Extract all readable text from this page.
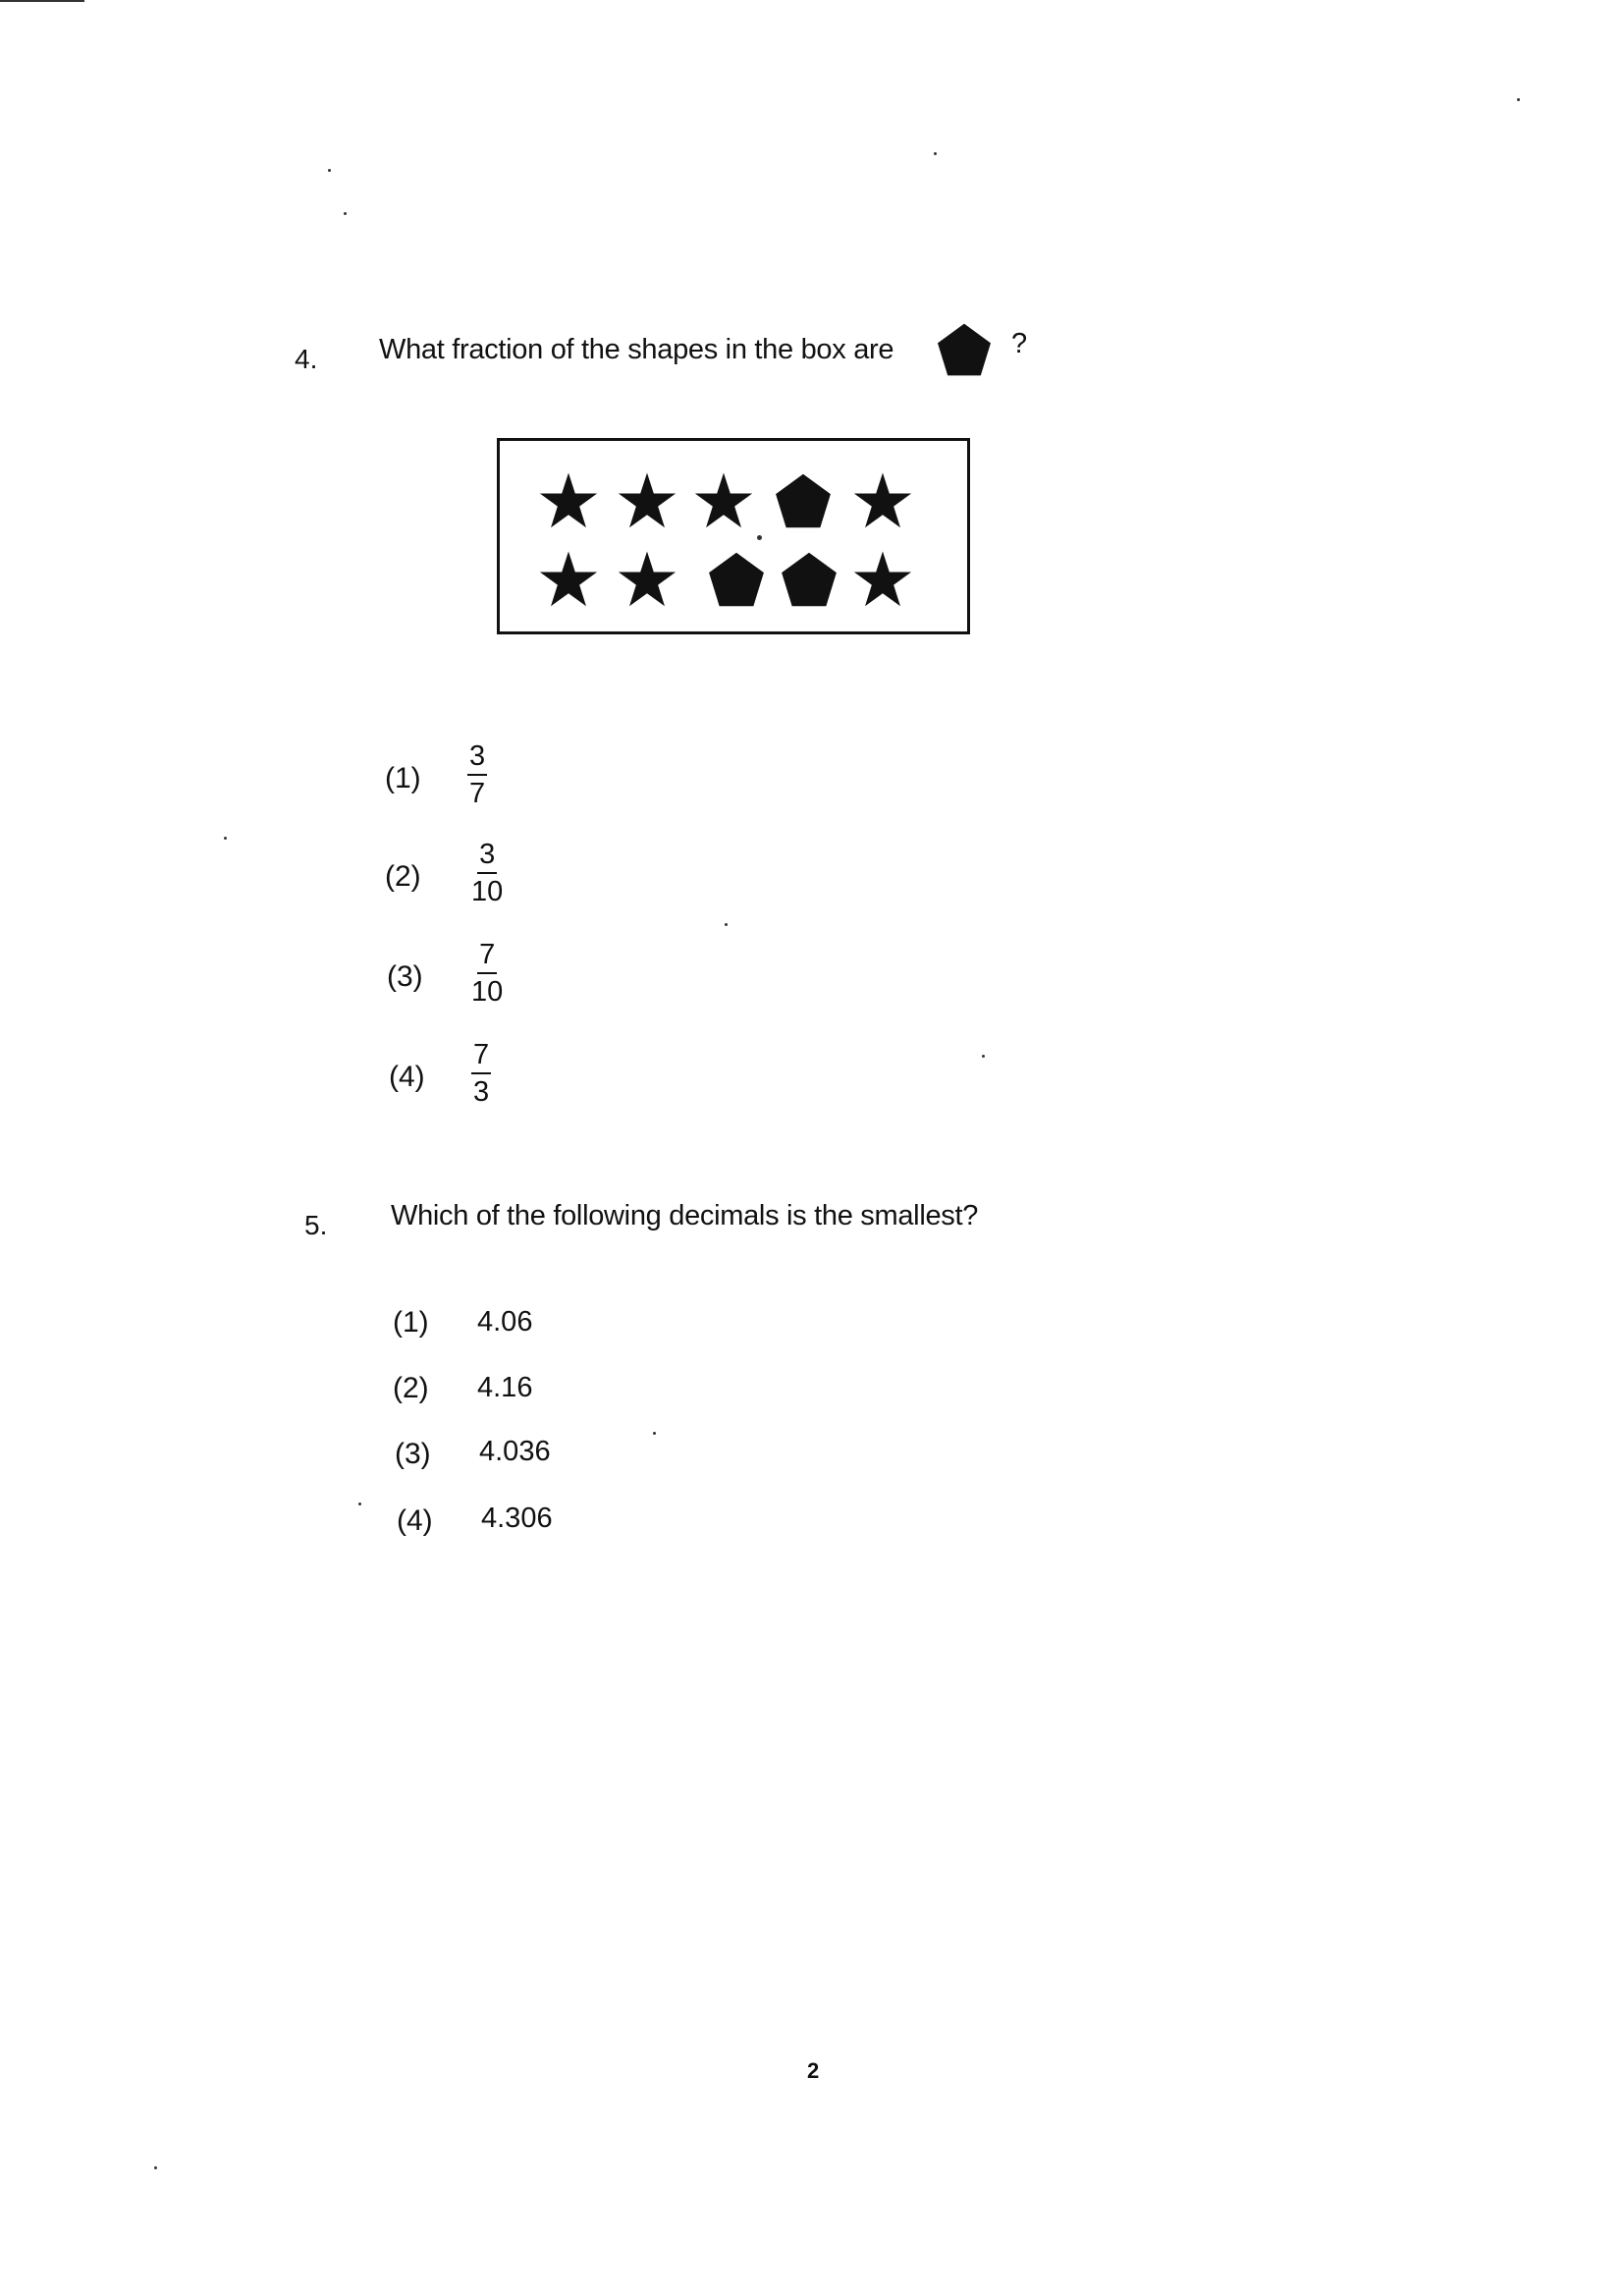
4. What fraction of the shapes in the box are	?
$(1) \frac{3}{7}$
$(2) \frac{3}{10}$
$(3) \frac{7}{10}$
$(4) \frac{7}{3}$
5. Which of the following decimals is the smallest?
(1) 4.06
(2) 4.16
(3) 4.036
(4) 4.306
2
